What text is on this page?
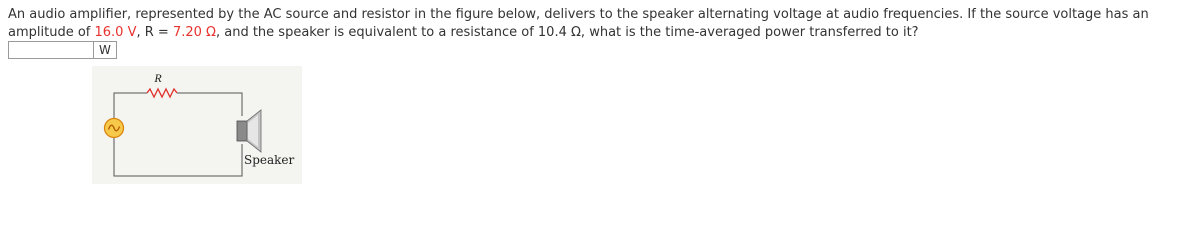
An audio amplifier, represented by the AC source and resistor in the figure below, delivers to the speaker alternating voltage at audio frequencies. If the source voltage has an amplitude of 16.0 V, R = 7.20 Ω, and the speaker is equivalent to a resistance of 10.4 Ω, what is the time-averaged power transferred to it?
W
R
Speaker
